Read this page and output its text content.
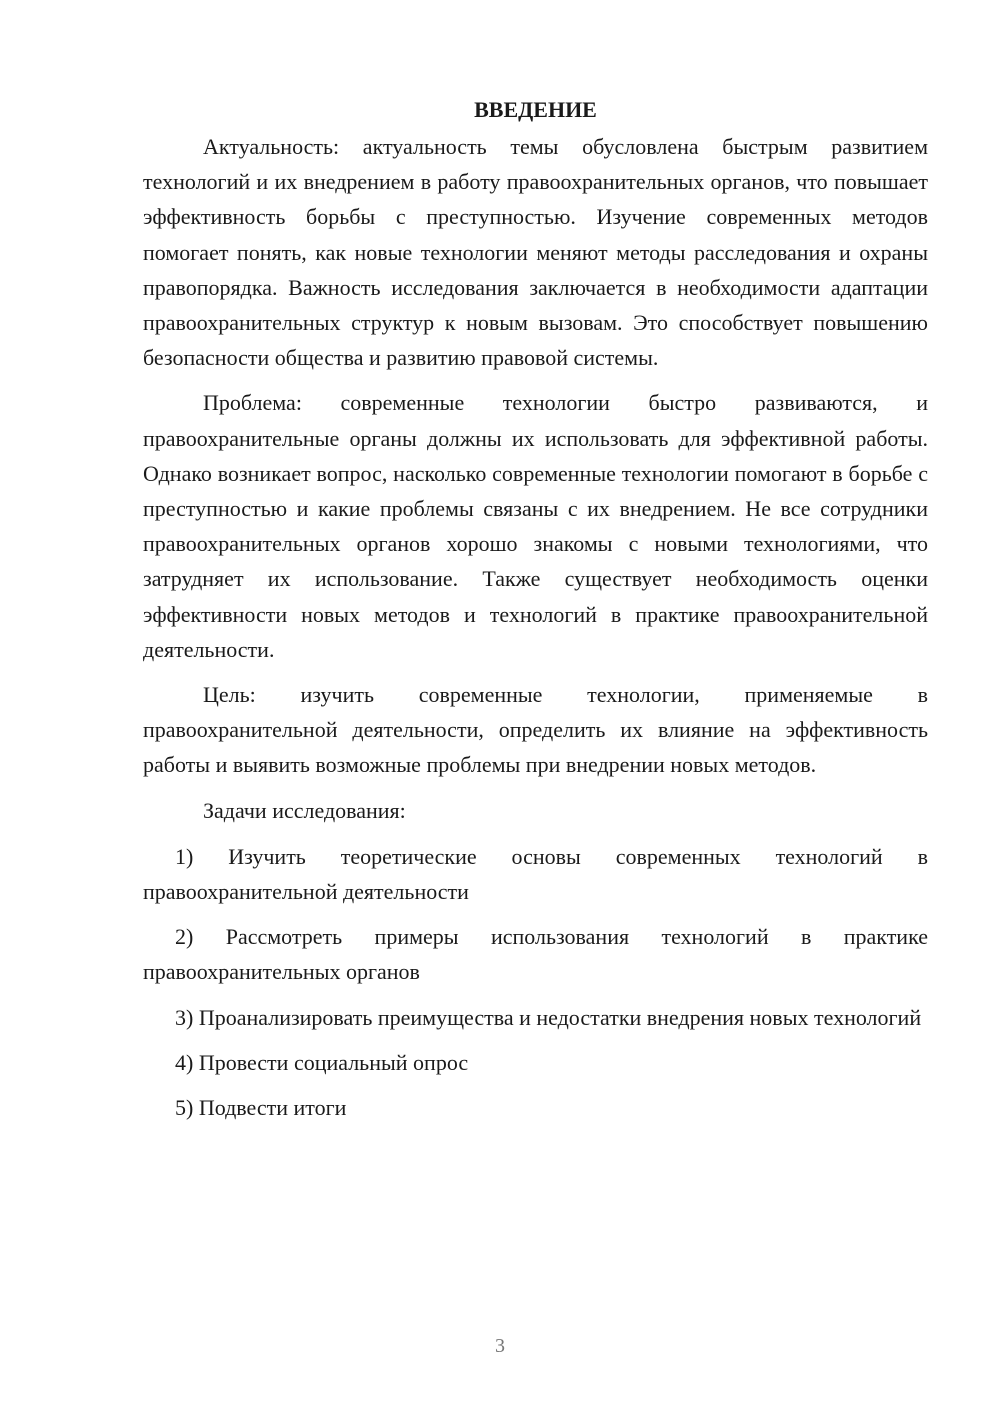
ВВЕДЕНИЕ

Актуальность: актуальность темы обусловлена быстрым развитием технологий и их внедрением в работу правоохранительных органов, что повышает эффективность борьбы с преступностью. Изучение современных методов помогает понять, как новые технологии меняют методы расследования и охраны правопорядка. Важность исследования заключается в необходимости адаптации правоохранительных структур к новым вызовам. Это способствует повышению безопасности общества и развитию правовой системы.

Проблема: современные технологии быстро развиваются, и правоохранительные органы должны их использовать для эффективной работы. Однако возникает вопрос, насколько современные технологии помогают в борьбе с преступностью и какие проблемы связаны с их внедрением. Не все сотрудники правоохранительных органов хорошо знакомы с новыми технологиями, что затрудняет их использование. Также существует необходимость оценки эффективности новых методов и технологий в практике правоохранительной деятельности.

Цель: изучить современные технологии, применяемые в правоохранительной деятельности, определить их влияние на эффективность работы и выявить возможные проблемы при внедрении новых методов.

Задачи исследования:

1) Изучить теоретические основы современных технологий в правоохранительной деятельности

2) Рассмотреть примеры использования технологий в практике правоохранительных органов

3) Проанализировать преимущества и недостатки внедрения новых технологий

4) Провести социальный опрос

5) Подвести итоги

3
